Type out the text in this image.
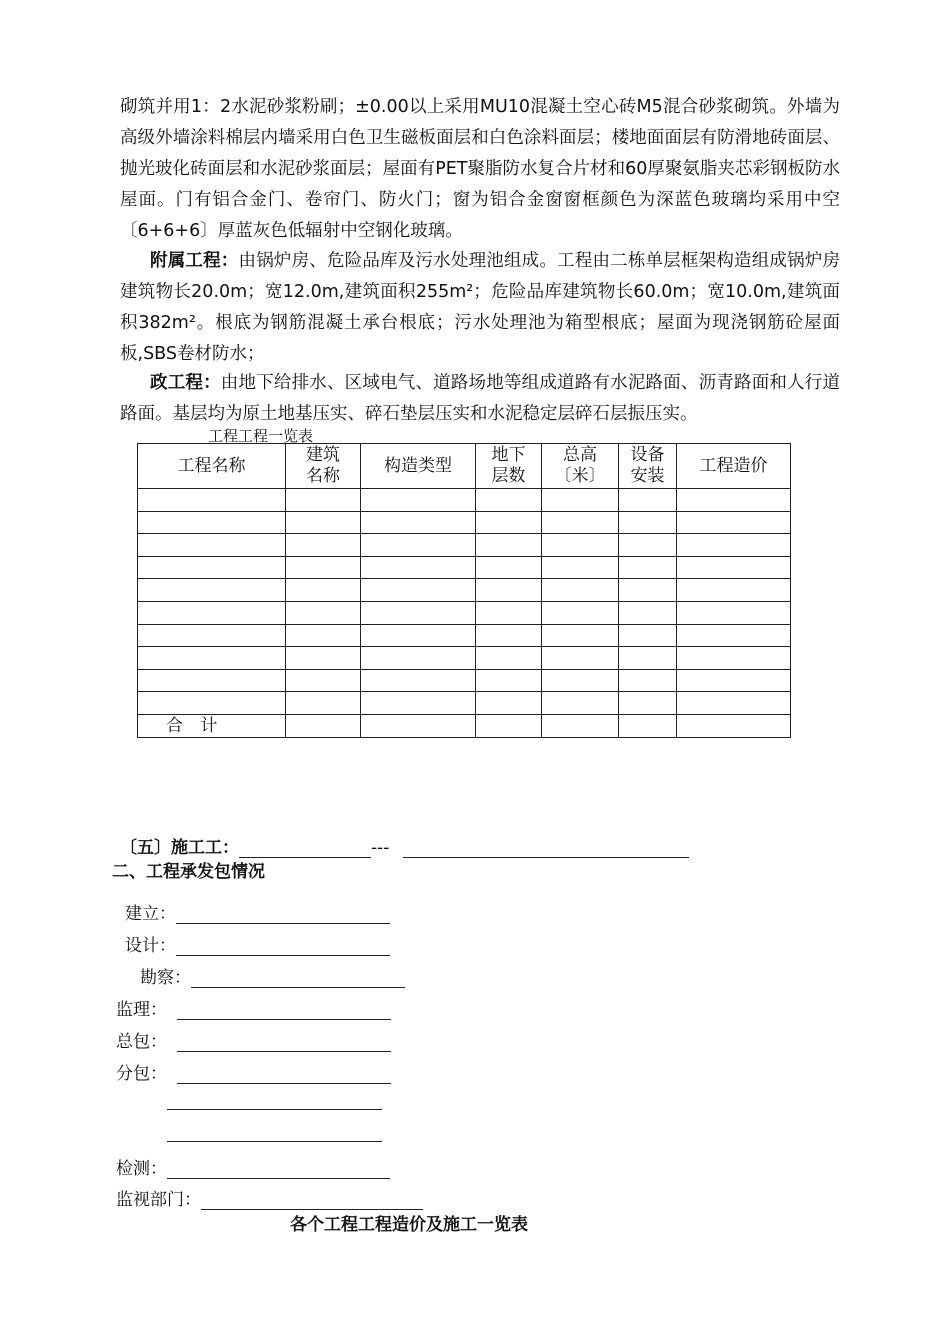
砌筑并用1：2水泥砂浆粉刷；±0.00以上采用MU10混凝土空心砖M5混合砂浆砌筑。外墙为高级外墙涂料棉层内墙采用白色卫生磁板面层和白色涂料面层；楼地面面层有防滑地砖面层、抛光玻化砖面层和水泥砂浆面层；屋面有PET聚脂防水复合片材和60厚聚氨脂夹芯彩钢板防水屋面。门有铝合金门、卷帘门、防火门；窗为铝合金窗窗框颜色为深蓝色玻璃均采用中空〔6+6+6〕厚蓝灰色低辐射中空钢化玻璃。

附属工程：由锅炉房、危险品库及污水处理池组成。工程由二栋单层框架构造组成锅炉房建筑物长20.0m；宽12.0m,建筑面积255m²；危险品库建筑物长60.0m；宽10.0m,建筑面积382m²。根底为钢筋混凝土承台根底；污水处理池为箱型根底；屋面为现浇钢筋砼屋面板,SBS卷材防水；

政工程：由地下给排水、区域电气、道路场地等组成道路有水泥路面、沥青路面和人行道路面。基层均为原土地基压实、碎石垫层压实和水泥稳定层碎石层振压实。

工程工程一览表
工程名称	建筑名称	构造类型	地下层数	总高〔米〕	设备安装	工程造价

合 计						
〔五〕施工工：	---
二、工程承发包情况
建立：
设计：
勘察：
监理：
总包：
分包：
检测：
监视部门：
各个工程工程造价及施工一览表
